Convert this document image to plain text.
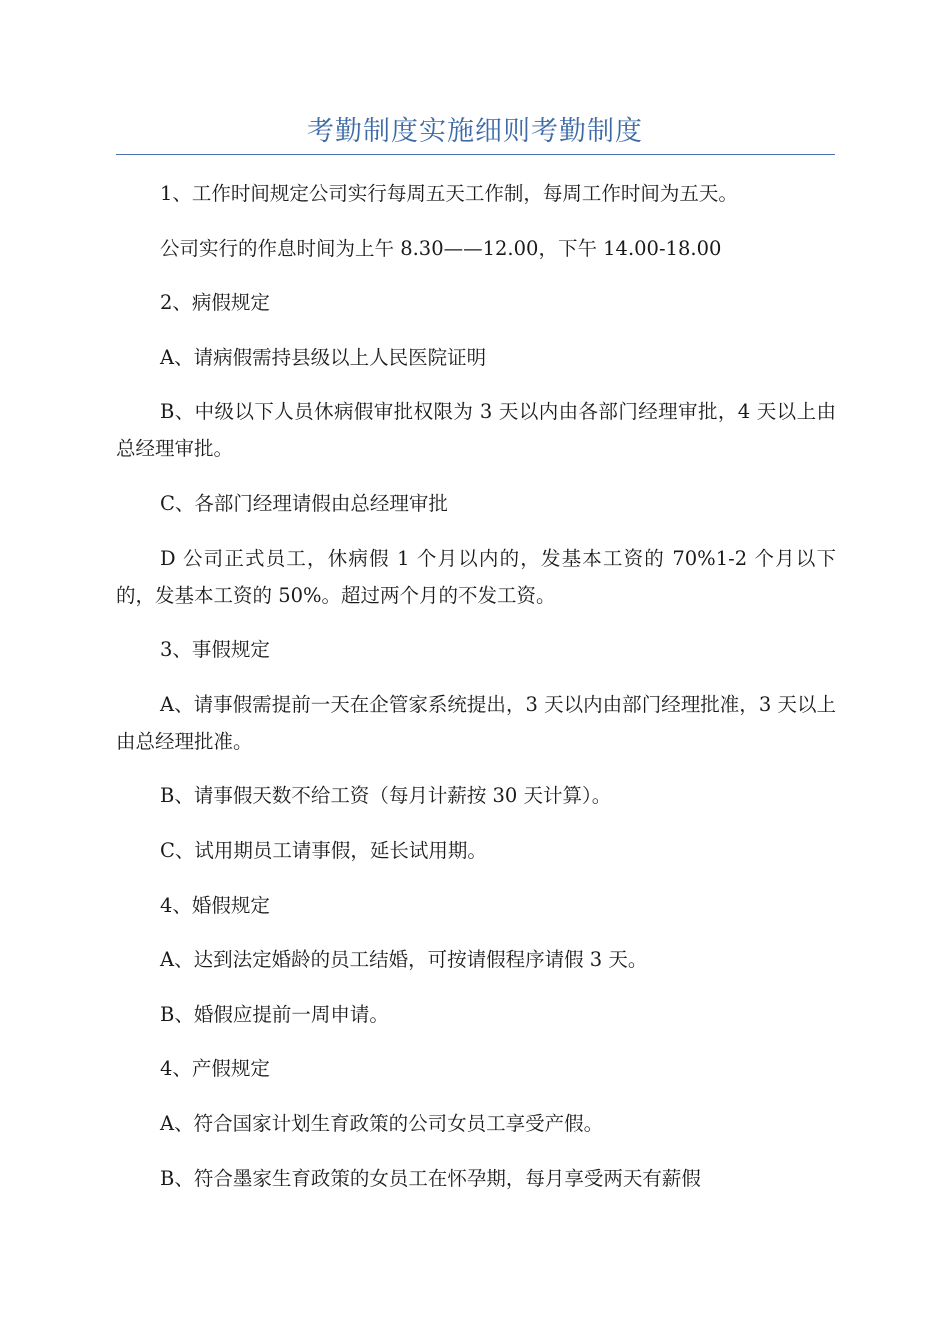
考勤制度实施细则考勤制度

1、工作时间规定公司实行每周五天工作制，每周工作时间为五天。

公司实行的作息时间为上午 8.30——12.00，下午 14.00-18.00

2、病假规定

A、请病假需持县级以上人民医院证明

B、中级以下人员休病假审批权限为 3 天以内由各部门经理审批，4 天以上由总经理审批。

C、各部门经理请假由总经理审批

D 公司正式员工，休病假 1 个月以内的，发基本工资的 70%1-2 个月以下的，发基本工资的 50%。超过两个月的不发工资。

3、事假规定

A、请事假需提前一天在企管家系统提出，3 天以内由部门经理批准，3 天以上由总经理批准。

B、请事假天数不给工资（每月计薪按 30 天计算）。

C、试用期员工请事假，延长试用期。

4、婚假规定

A、达到法定婚龄的员工结婚，可按请假程序请假 3 天。

B、婚假应提前一周申请。

4、产假规定

A、符合国家计划生育政策的公司女员工享受产假。

B、符合墨家生育政策的女员工在怀孕期，每月享受两天有薪假
